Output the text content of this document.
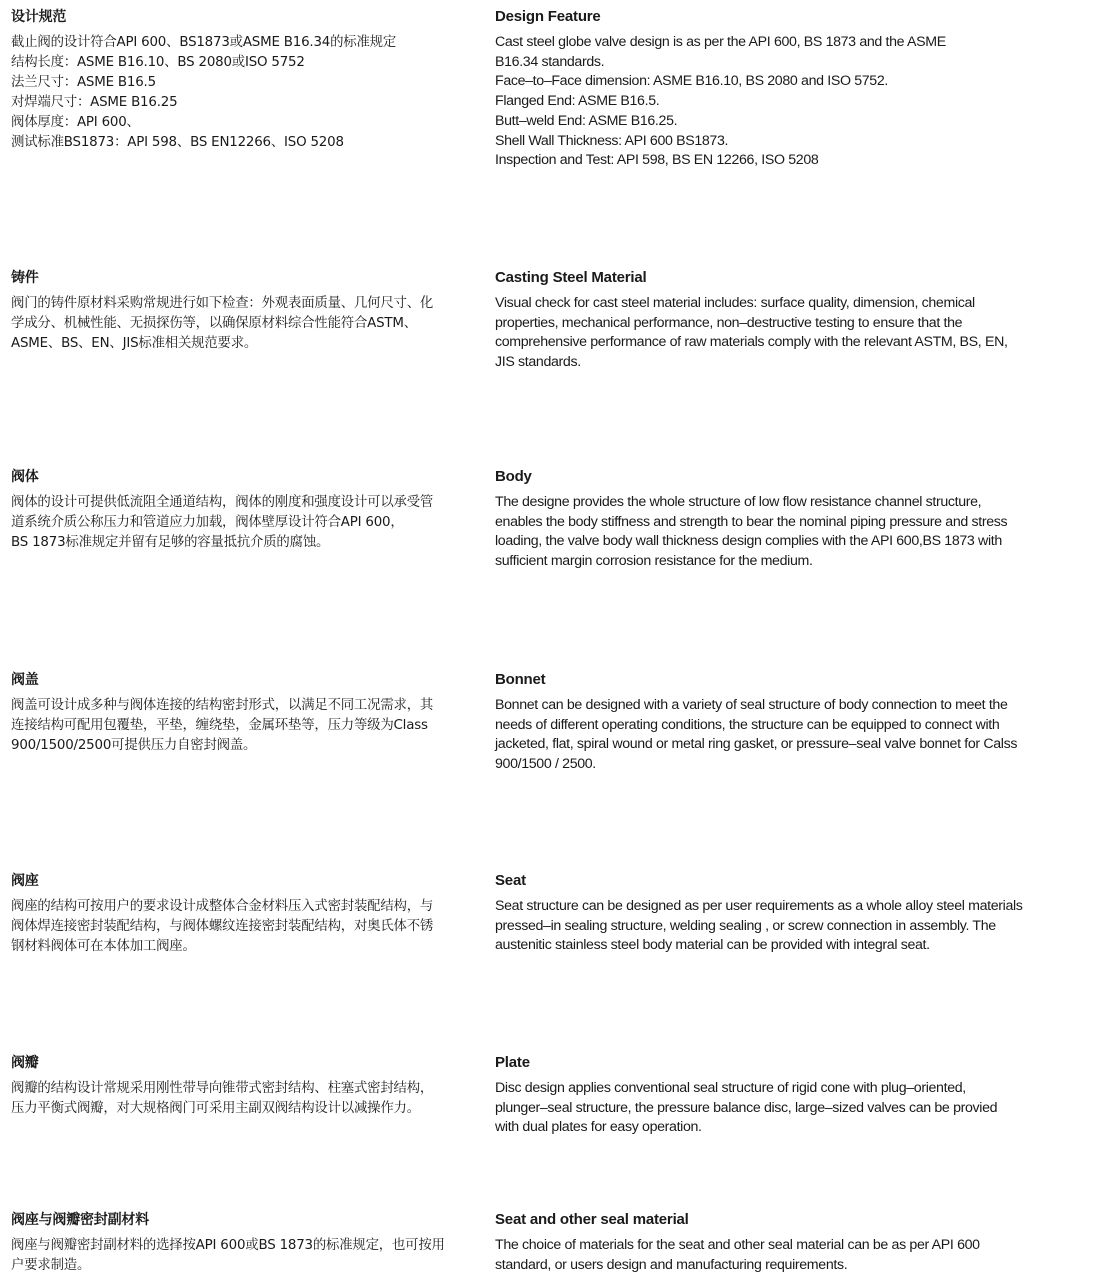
设计规范
截止阀的设计符合API 600、BS1873或ASME B16.34的标准规定
结构长度：ASME B16.10、BS 2080或ISO 5752
法兰尺寸：ASME B16.5
对焊端尺寸：ASME B16.25
阀体厚度：API 600、
测试标准BS1873：API 598、BS EN12266、ISO 5208
Design Feature
Cast steel globe valve design is as per the API 600, BS 1873 and the ASME
B16.34 standards.
Face–to–Face dimension: ASME B16.10, BS 2080 and ISO 5752.
Flanged End: ASME B16.5.
Butt–weld End: ASME B16.25.
Shell Wall Thickness: API 600 BS1873.
Inspection and Test: API 598, BS EN 12266, ISO 5208
铸件
阀门的铸件原材料采购常规进行如下检查：外观表面质量、几何尺寸、化
学成分、机械性能、无损探伤等，以确保原材料综合性能符合ASTM、
ASME、BS、EN、JIS标准相关规范要求。
Casting Steel Material
Visual check for cast steel material includes: surface quality, dimension, chemical
properties, mechanical performance, non–destructive testing to ensure that the
comprehensive performance of raw materials comply with the relevant ASTM, BS, EN,
JIS standards.
阀体
阀体的设计可提供低流阻全通道结构，阀体的刚度和强度设计可以承受管
道系统介质公称压力和管道应力加载，阀体壁厚设计符合API 600，
BS 1873标准规定并留有足够的容量抵抗介质的腐蚀。
Body
The designe provides the whole structure of low flow resistance channel structure,
enables the body stiffness and strength to bear the nominal piping pressure and stress
loading, the valve body wall thickness design complies with the API 600,BS 1873 with
sufficient margin corrosion resistance for the medium.
阀盖
阀盖可设计成多种与阀体连接的结构密封形式，以满足不同工况需求，其
连接结构可配用包覆垫，平垫，缠绕垫，金属环垫等，压力等级为Class
900/1500/2500可提供压力自密封阀盖。
Bonnet
Bonnet can be designed with a variety of seal structure of body connection to meet the
needs of different operating conditions, the structure can be equipped to connect with
jacketed, flat, spiral wound or metal ring gasket, or pressure–seal valve bonnet for Calss
900/1500 / 2500.
阀座
阀座的结构可按用户的要求设计成整体合金材料压入式密封装配结构，与
阀体焊连接密封装配结构，与阀体螺纹连接密封装配结构，对奥氏体不锈
钢材料阀体可在本体加工阀座。
Seat
Seat structure can be designed as per user requirements as a whole alloy steel materials
pressed–in sealing structure, welding sealing , or screw connection in assembly. The
austenitic stainless steel body material can be provided with integral seat.
阀瓣
阀瓣的结构设计常规采用刚性带导向锥带式密封结构、柱塞式密封结构，
压力平衡式阀瓣，对大规格阀门可采用主副双阀结构设计以减操作力。
Plate
Disc design applies conventional seal structure of rigid cone with plug–oriented,
plunger–seal structure, the pressure balance disc, large–sized valves can be provied
with dual plates for easy operation.
阀座与阀瓣密封副材料
阀座与阀瓣密封副材料的选择按API 600或BS 1873的标准规定，也可按用
户要求制造。
Seat and other seal material
The choice of materials for the seat and other seal material can be as per API 600
standard, or users design and manufacturing requirements.
